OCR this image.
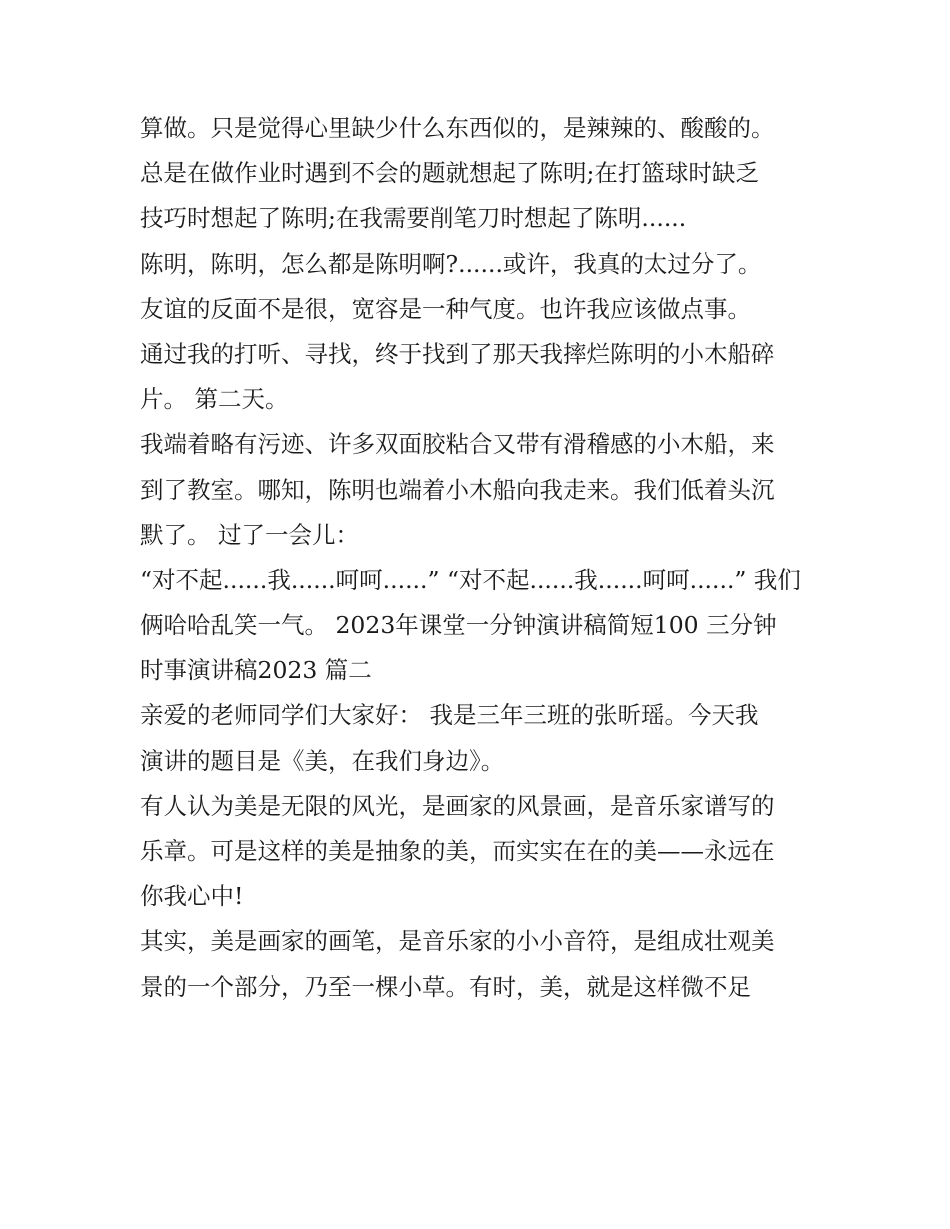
算做。只是觉得心里缺少什么东西似的，是辣辣的、酸酸的。
总是在做作业时遇到不会的题就想起了陈明;在打篮球时缺乏
技巧时想起了陈明;在我需要削笔刀时想起了陈明......
陈明，陈明，怎么都是陈明啊?......或许，我真的太过分了。
友谊的反面不是很，宽容是一种气度。也许我应该做点事。
通过我的打听、寻找，终于找到了那天我摔烂陈明的小木船碎
片。 第二天。
我端着略有污迹、许多双面胶粘合又带有滑稽感的小木船，来
到了教室。哪知，陈明也端着小木船向我走来。我们低着头沉
默了。 过了一会儿：
“对不起......我......呵呵......” “对不起......我......呵呵......” 我们
俩哈哈乱笑一气。 2023年课堂一分钟演讲稿简短100 三分钟
时事演讲稿2023 篇二
亲爱的老师同学们大家好： 我是三年三班的张昕瑶。今天我
演讲的题目是《美，在我们身边》。
有人认为美是无限的风光，是画家的风景画，是音乐家谱写的
乐章。可是这样的美是抽象的美，而实实在在的美——永远在
你我心中!
其实，美是画家的画笔，是音乐家的小小音符，是组成壮观美
景的一个部分，乃至一棵小草。有时，美，就是这样微不足
